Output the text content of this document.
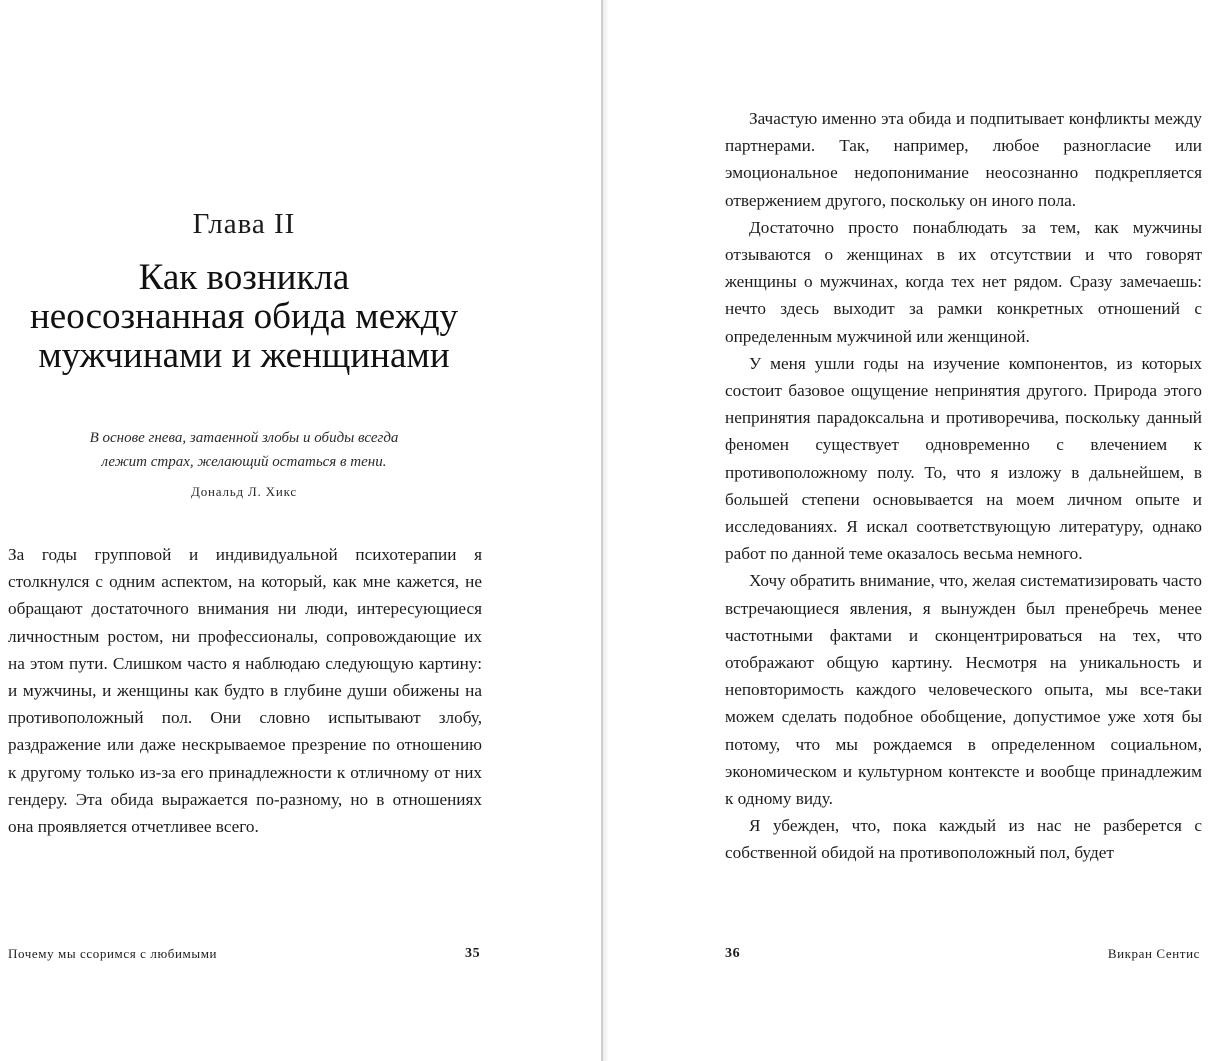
Глава II
Как возникла
неосознанная обида между
мужчинами и женщинами
В основе гнева, затаенной злобы и обиды всегда
лежит страх, желающий остаться в тени.
Дональд Л. Хикс

За годы групповой и индивидуальной психотерапии я столкнулся с одним аспектом, на который, как мне кажется, не обращают достаточного внимания ни люди, интересующиеся личностным ростом, ни профессионалы, сопровождающие их на этом пути. Слишком часто я наблюдаю следующую картину: и мужчины, и женщины как будто в глубине души обижены на противоположный пол. Они словно испытывают злобу, раздражение или даже нескрываемое презрение по отношению к другому только из-за его принадлежности к отличному от них гендеру. Эта обида выражается по-разному, но в отношениях она проявляется отчетливее всего.

Почему мы ссоримся с любимыми	35

Зачастую именно эта обида и подпитывает конфликты между партнерами. Так, например, любое разногласие или эмоциональное недопонимание неосознанно подкрепляется отвержением другого, поскольку он иного пола.

Достаточно просто понаблюдать за тем, как мужчины отзываются о женщинах в их отсутствии и что говорят женщины о мужчинах, когда тех нет рядом. Сразу замечаешь: нечто здесь выходит за рамки конкретных отношений с определенным мужчиной или женщиной.

У меня ушли годы на изучение компонентов, из которых состоит базовое ощущение непринятия другого. Природа этого непринятия парадоксальна и противоречива, поскольку данный феномен существует одновременно с влечением к противоположному полу. То, что я изложу в дальнейшем, в большей степени основывается на моем личном опыте и исследованиях. Я искал соответствующую литературу, однако работ по данной теме оказалось весьма немного.

Хочу обратить внимание, что, желая систематизировать часто встречающиеся явления, я вынужден был пренебречь менее частотными фактами и сконцентрироваться на тех, что отображают общую картину. Несмотря на уникальность и неповторимость каждого человеческого опыта, мы все-таки можем сделать подобное обобщение, допустимое уже хотя бы потому, что мы рождаемся в определенном социальном, экономическом и культурном контексте и вообще принадлежим к одному виду.

Я убежден, что, пока каждый из нас не разберется с собственной обидой на противоположный пол, будет

36	Викран Сентис
